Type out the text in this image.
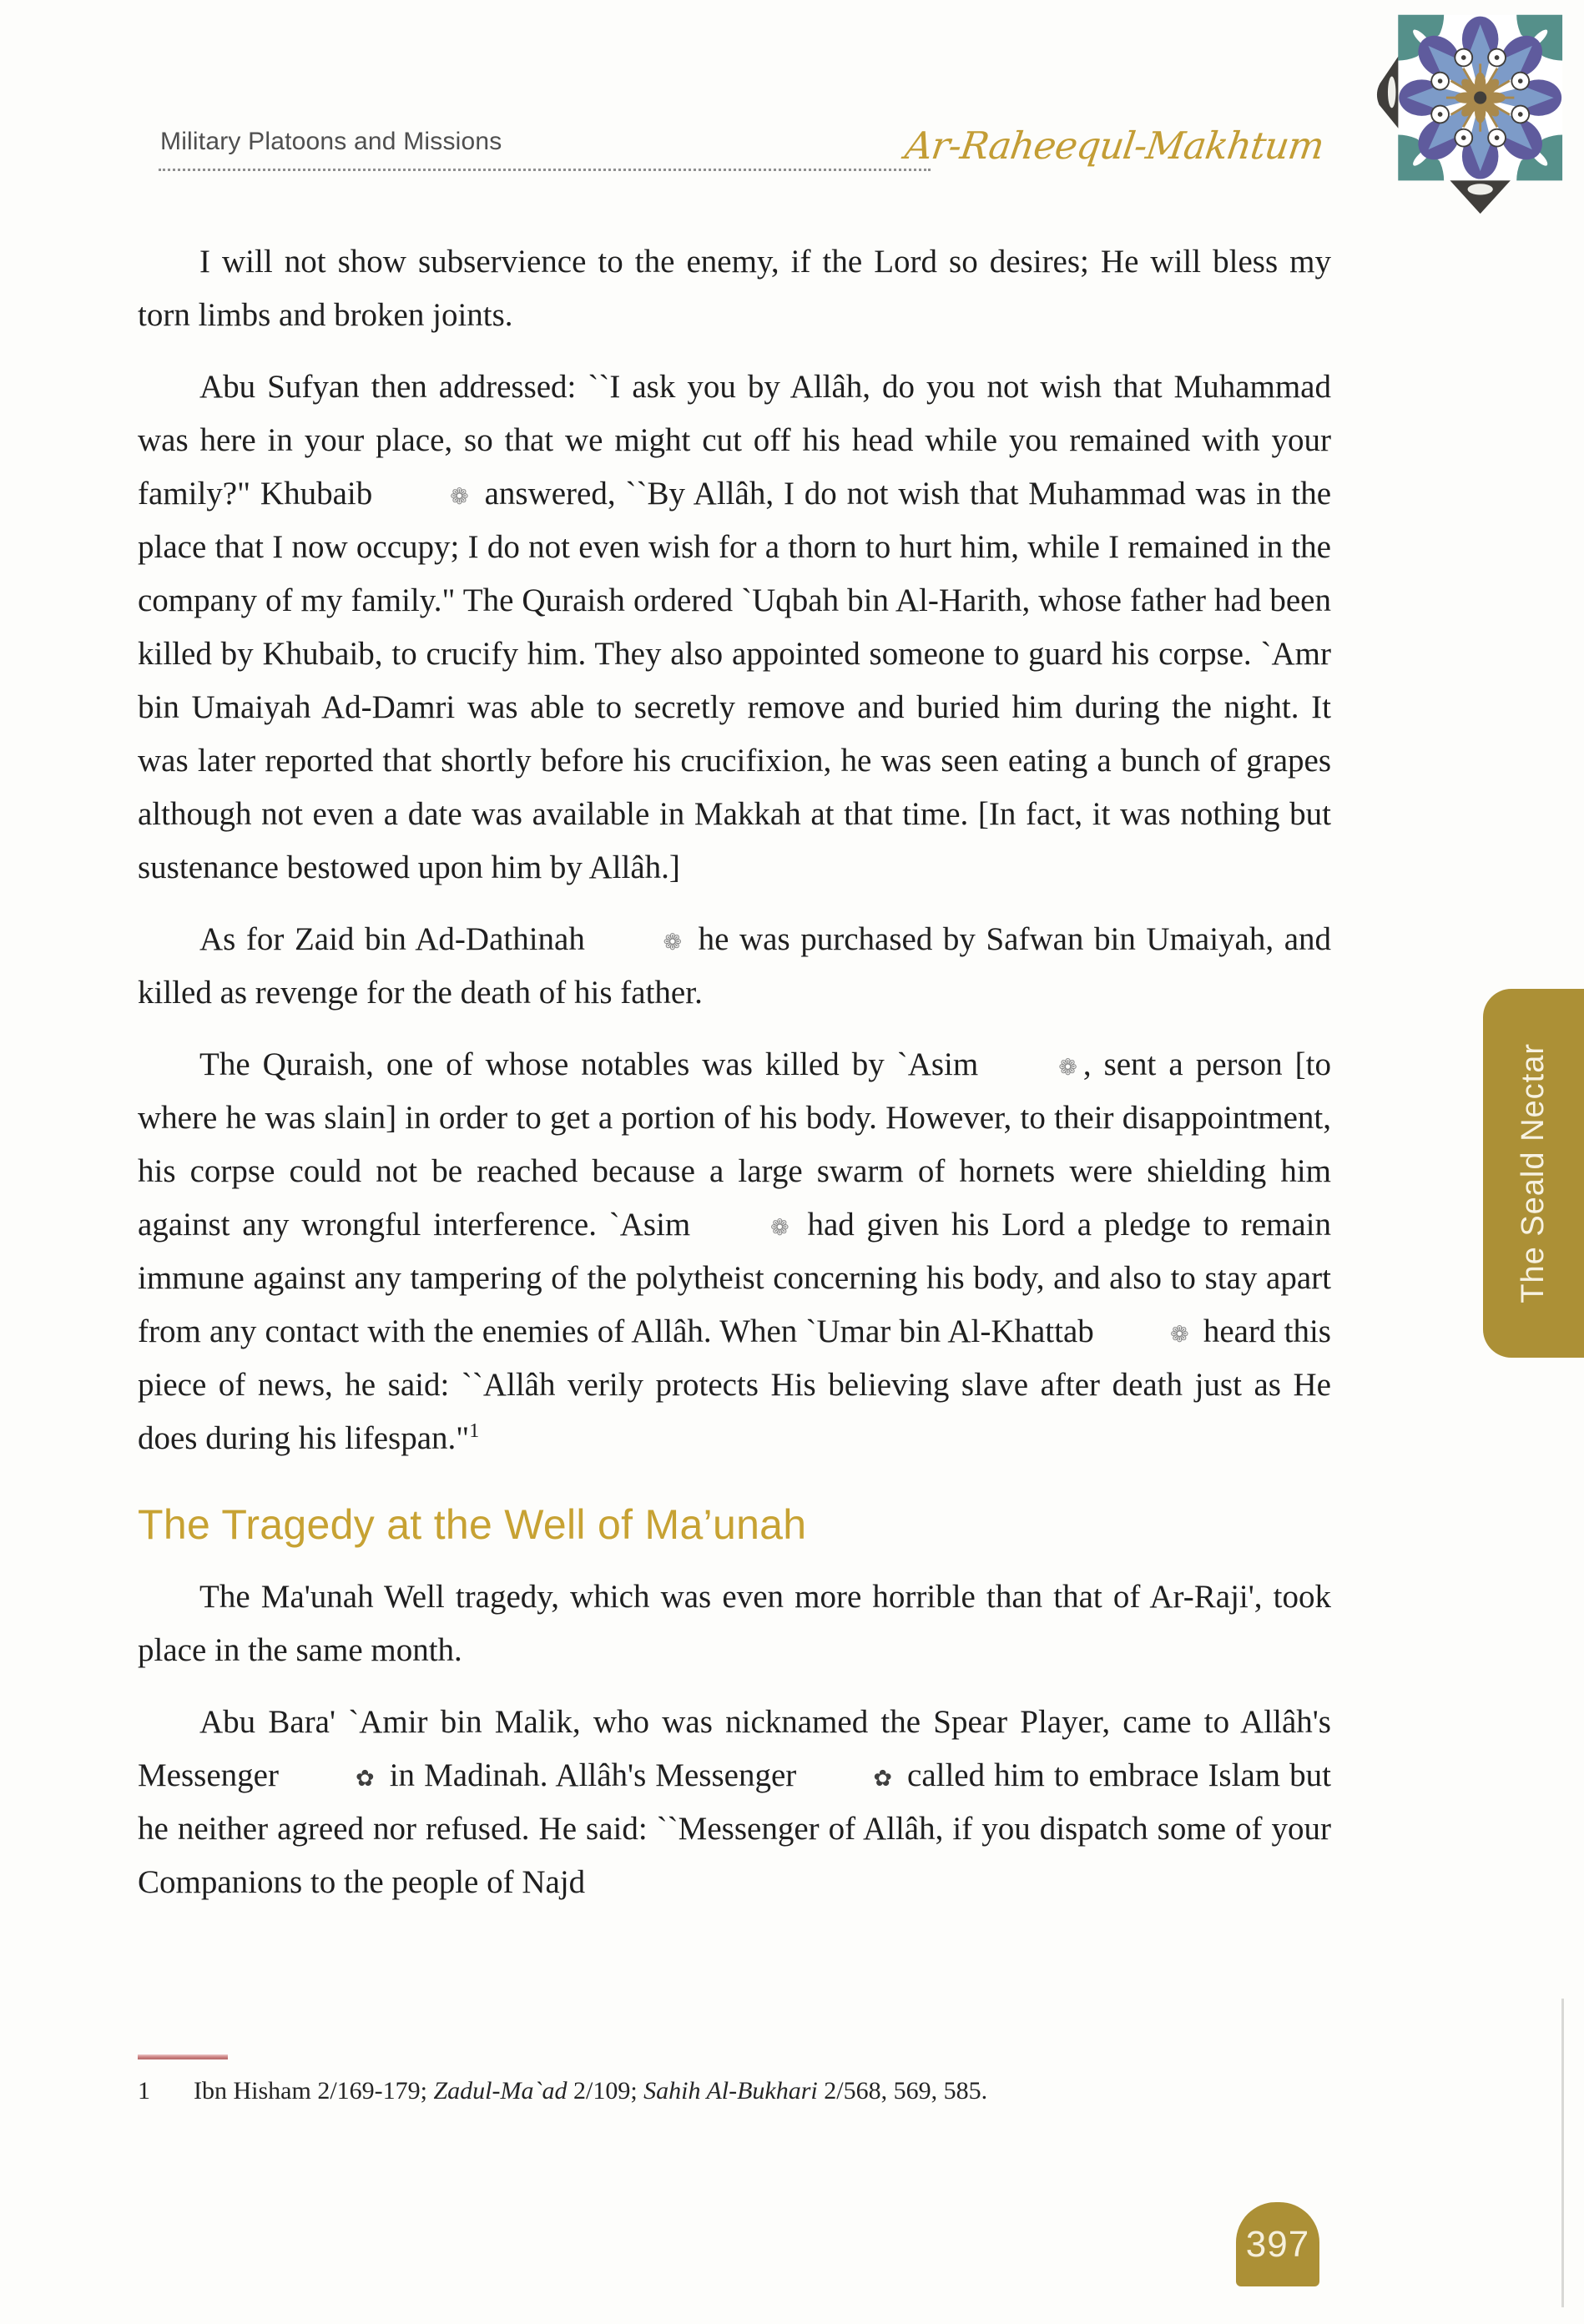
Military Platoons and Missions	Ar-Raheequl-Makhtum

I will not show subservience to the enemy, if the Lord so desires; He will bless my torn limbs and broken joints.

Abu Sufyan then addressed: ``I ask you by Allâh, do you not wish that Muhammad was here in your place, so that we might cut off his head while you remained with your family?" Khubaib	❁ answered, ``By Allâh, I do not wish that Muhammad was in the place that I now occupy; I do not even wish for a thorn to hurt him, while I remained in the company of my family." The Quraish ordered `Uqbah bin Al-Harith, whose father had been killed by Khubaib, to crucify him. They also appointed someone to guard his corpse. `Amr bin Umaiyah Ad-Damri was able to secretly remove and buried him during the night. It was later reported that shortly before his crucifixion, he was seen eating a bunch of grapes although not even a date was available in Makkah at that time. [In fact, it was nothing but sustenance bestowed upon him by Allâh.]

As for Zaid bin Ad-Dathinah	❁ he was purchased by Safwan bin Umaiyah, and killed as revenge for the death of his father.

The Quraish, one of whose notables was killed by `Asim	❁ , sent a person [to where he was slain] in order to get a portion of his body. However, to their disappointment, his corpse could not be reached because a large swarm of hornets were shielding him against any wrongful interference. `Asim	❁ had given his Lord a pledge to remain immune against any tampering of the polytheist concerning his body, and also to stay apart from any contact with the enemies of Allâh. When `Umar bin Al-Khattab	❁ heard this piece of news, he said: ``Allâh verily protects His believing slave after death just as He does during his lifespan."$^1$

The Tragedy at the Well of Ma’unah

The Ma'unah Well tragedy, which was even more horrible than that of Ar-Raji', took place in the same month.

Abu Bara' `Amir bin Malik, who was nicknamed the Spear Player, came to Allâh's Messenger	✿ in Madinah. Allâh's Messenger	✿ called him to embrace Islam but he neither agreed nor refused. He said: ``Messenger of Allâh, if you dispatch some of your Companions to the people of Najd

1 Ibn Hisham 2/169-179; Zadul-Ma`ad 2/109; Sahih Al-Bukhari 2/568, 569, 585.
The Seald Nectar
397
